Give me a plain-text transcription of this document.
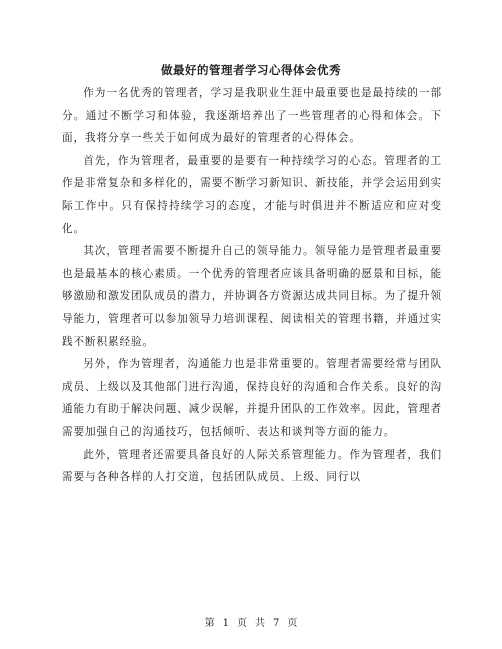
做最好的管理者学习心得体会优秀

作为一名优秀的管理者，学习是我职业生涯中最重要也是最持续的一部分。通过不断学习和体验，我逐渐培养出了一些管理者的心得和体会。下面，我将分享一些关于如何成为最好的管理者的心得体会。

首先，作为管理者，最重要的是要有一种持续学习的心态。管理者的工作是非常复杂和多样化的，需要不断学习新知识、新技能，并学会运用到实际工作中。只有保持持续学习的态度，才能与时俱进并不断适应和应对变化。

其次，管理者需要不断提升自己的领导能力。领导能力是管理者最重要也是最基本的核心素质。一个优秀的管理者应该具备明确的愿景和目标，能够激励和激发团队成员的潜力，并协调各方资源达成共同目标。为了提升领导能力，管理者可以参加领导力培训课程、阅读相关的管理书籍，并通过实践不断积累经验。

另外，作为管理者，沟通能力也是非常重要的。管理者需要经常与团队成员、上级以及其他部门进行沟通，保持良好的沟通和合作关系。良好的沟通能力有助于解决问题、减少误解，并提升团队的工作效率。因此，管理者需要加强自己的沟通技巧，包括倾听、表达和谈判等方面的能力。

此外，管理者还需要具备良好的人际关系管理能力。作为管理者，我们需要与各种各样的人打交道，包括团队成员、上级、同行以

第 1 页 共 7 页
